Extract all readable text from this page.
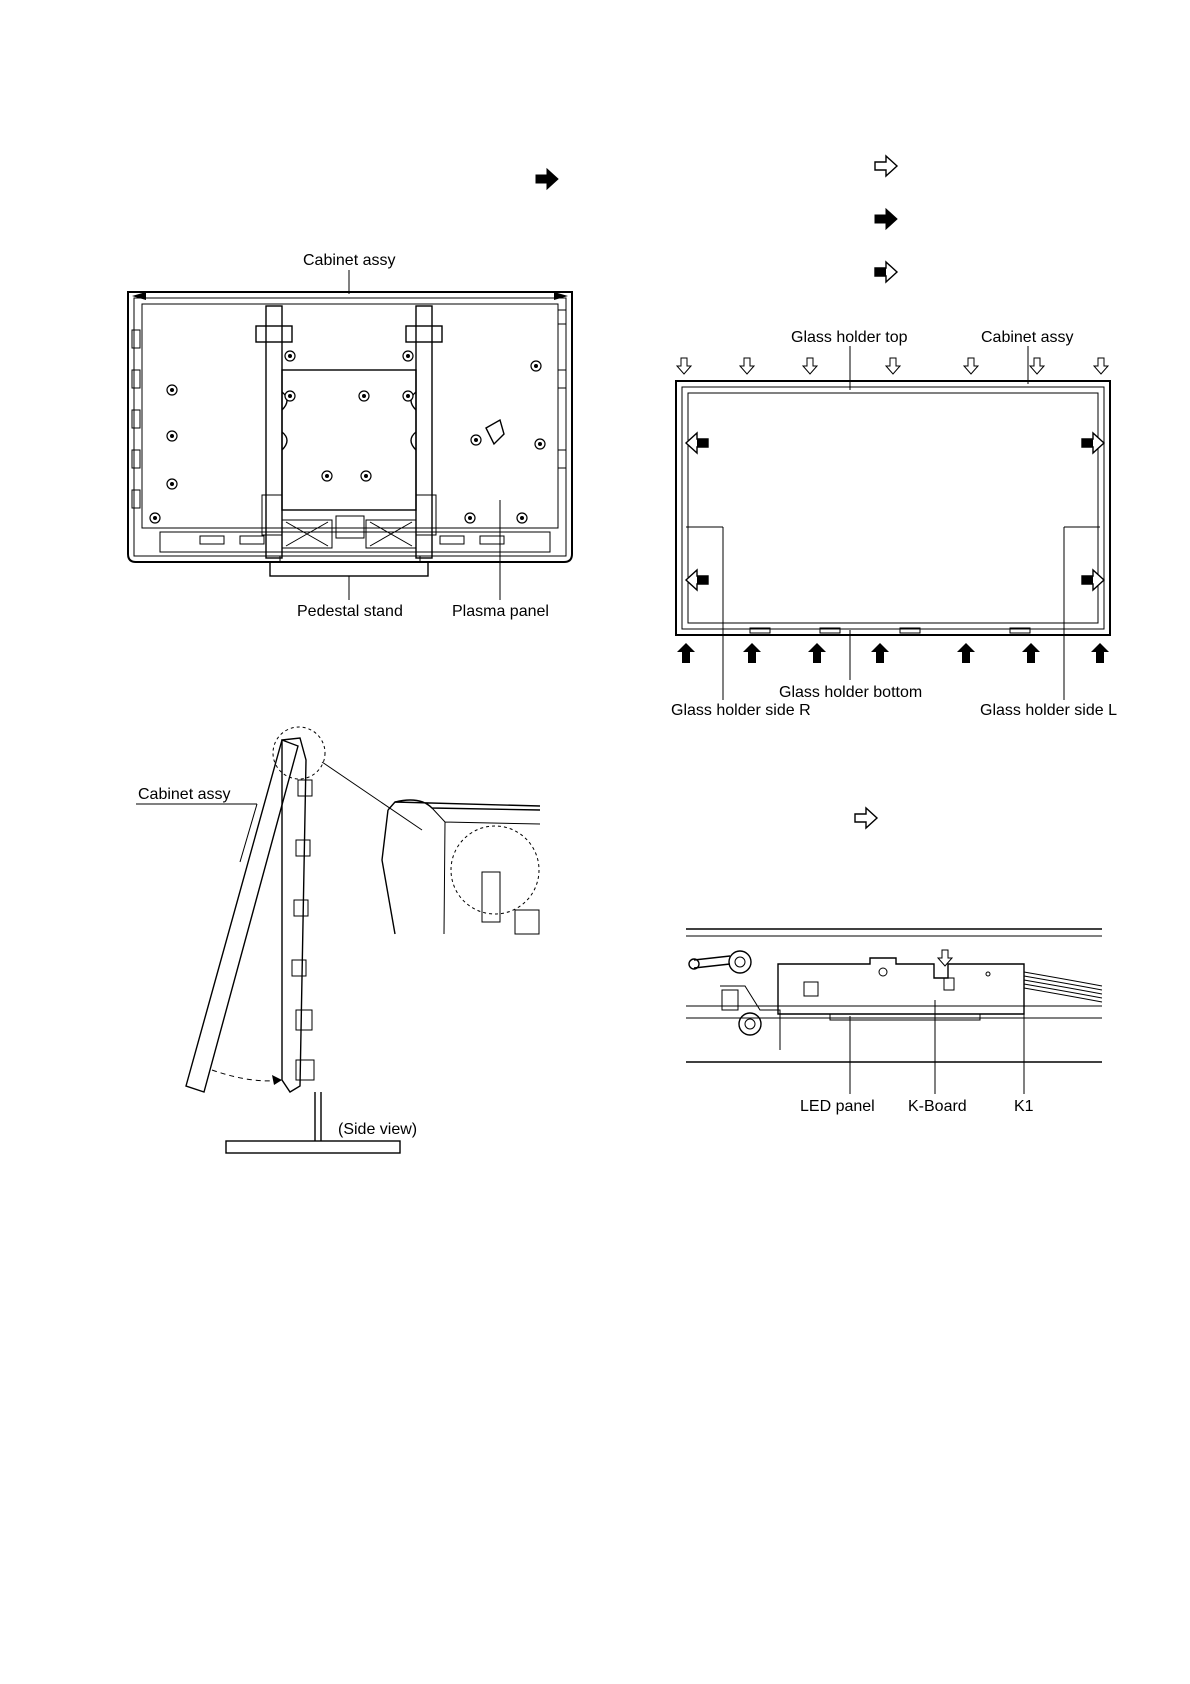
Cabinet assy
Pedestal stand	Plasma panel
Cabinet assy
(Side view)
Glass holder top	Cabinet assy
Glass holder bottom
Glass holder side R	Glass holder side L
LED panel K-Board	K1
